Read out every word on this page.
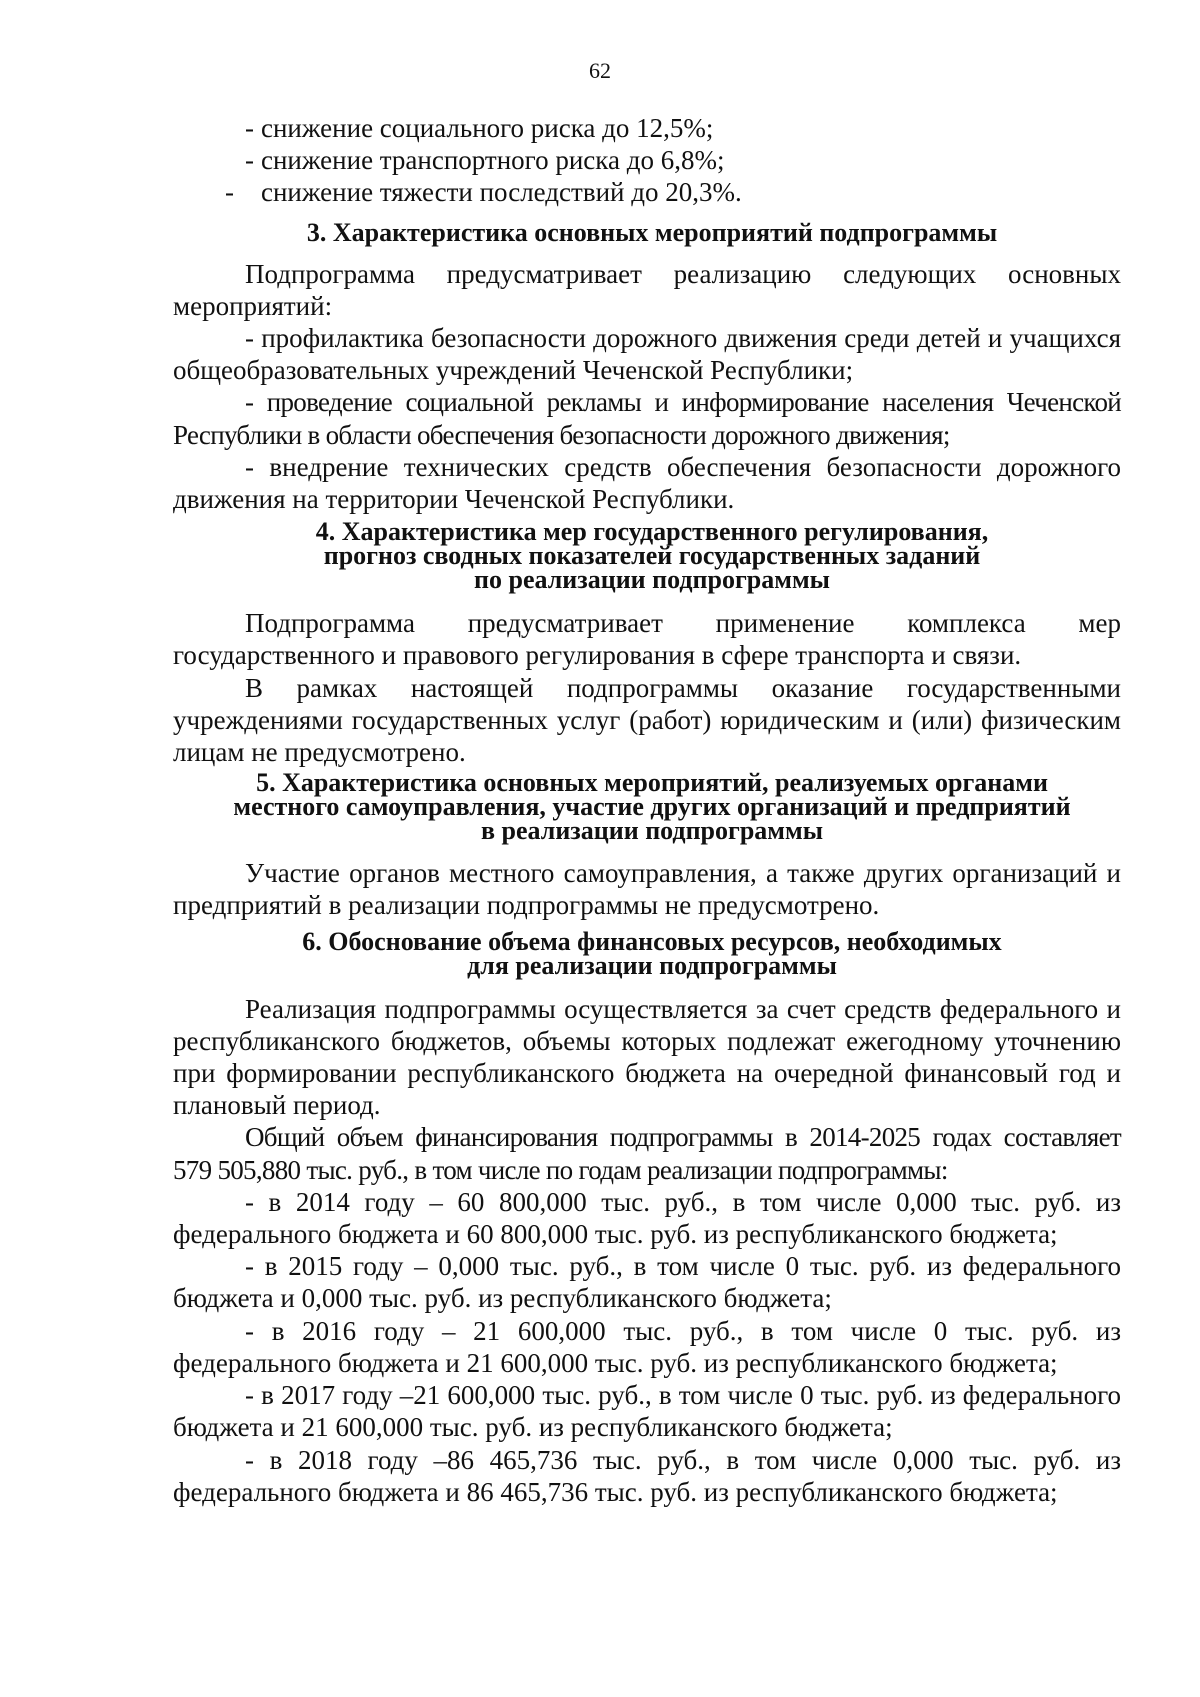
62

- снижение социального риска до 12,5%;

- снижение транспортного риска до 6,8%;

- снижение тяжести последствий до 20,3%.

3. Характеристика основных мероприятий подпрограммы

Подпрограмма предусматривает реализацию следующих основных мероприятий:

- профилактика безопасности дорожного движения среди детей и учащихся общеобразовательных учреждений Чеченской Республики;

- проведение социальной рекламы и информирование населения Чеченской Республики в области обеспечения безопасности дорожного движения;

- внедрение технических средств обеспечения безопасности дорожного движения на территории Чеченской Республики.

4. Характеристика мер государственного регулирования,
прогноз сводных показателей государственных заданий
по реализации подпрограммы

Подпрограмма предусматривает применение комплекса мер государственного и правового регулирования в сфере транспорта и связи.

В рамках настоящей подпрограммы оказание государственными учреждениями государственных услуг (работ) юридическим и (или) физическим лицам не предусмотрено.

5. Характеристика основных мероприятий, реализуемых органами
местного самоуправления, участие других организаций и предприятий
в реализации подпрограммы

Участие органов местного самоуправления, а также других организаций и предприятий в реализации подпрограммы не предусмотрено.

6. Обоснование объема финансовых ресурсов, необходимых
для реализации подпрограммы

Реализация подпрограммы осуществляется за счет средств федерального и республиканского бюджетов, объемы которых подлежат ежегодному уточнению при формировании республиканского бюджета на очередной финансовый год и плановый период.

Общий объем финансирования подпрограммы в 2014-2025 годах составляет 579 505,880 тыс. руб., в том числе по годам реализации подпрограммы:

- в 2014 году – 60 800,000 тыс. руб., в том числе 0,000 тыс. руб. из федерального бюджета и 60 800,000 тыс. руб. из республиканского бюджета;

- в 2015 году – 0,000 тыс. руб., в том числе 0 тыс. руб. из федерального бюджета и 0,000 тыс. руб. из республиканского бюджета;

- в 2016 году – 21 600,000 тыс. руб., в том числе 0 тыс. руб. из федерального бюджета и 21 600,000 тыс. руб. из республиканского бюджета;

- в 2017 году –21 600,000 тыс. руб., в том числе 0 тыс. руб. из федерального бюджета и 21 600,000 тыс. руб. из республиканского бюджета;

- в 2018 году –86 465,736 тыс. руб., в том числе 0,000 тыс. руб. из федерального бюджета и 86 465,736 тыс. руб. из республиканского бюджета;
